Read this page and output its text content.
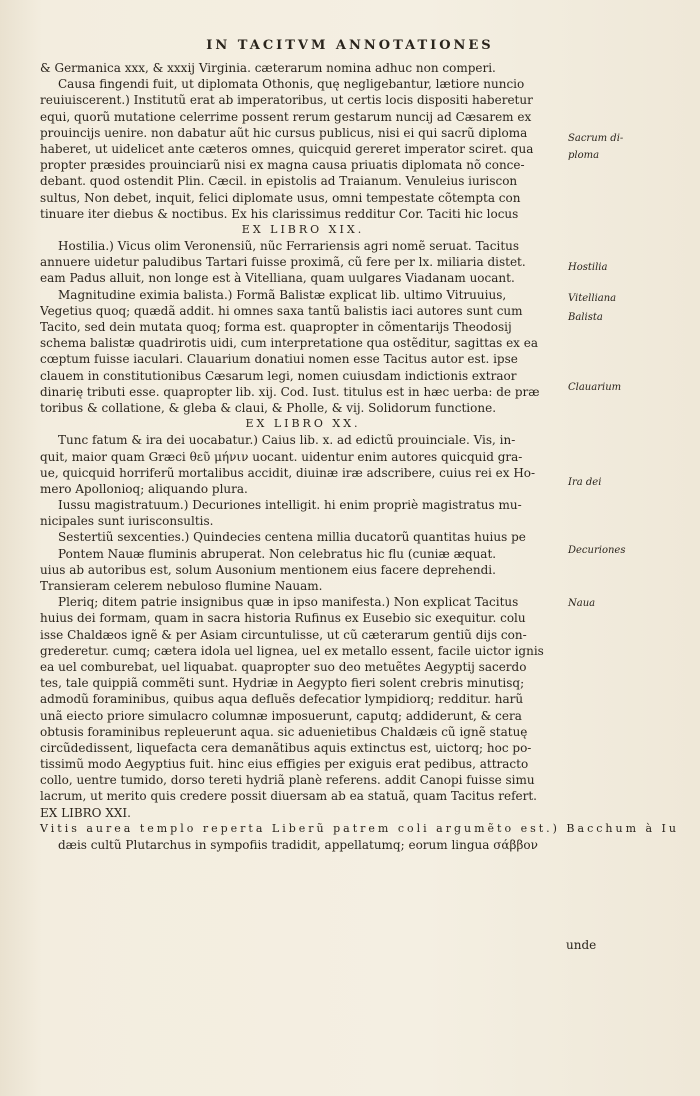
IN TACITVM ANNOTATIONES
& Germanica xxx, & xxxij Virginia. cæterarum nomina adhuc non comperi.
Causa fingendi fuit, ut diplomata Othonis, quę negligebantur, lætiore nuncio
reuiuiscerent.) Institutũ erat ab imperatoribus, ut certis locis dispositi haberetur
equi, quorũ mutatione celerrime possent rerum gestarum nuncij ad Cæsarem ex
prouincijs uenire. non dabatur aũt hic cursus publicus, nisi ei qui sacrũ diploma
haberet, ut uidelicet ante cæteros omnes, quicquid gereret imperator sciret. qua
propter præsides prouinciarũ nisi ex magna causa priuatis diplomata nõ conce-
debant. quod ostendit Plin. Cæcil. in epistolis ad Traianum. Venuleius iuriscon
sultus, Non debet, inquit, felici diplomate usus, omni tempestate cõtempta con
tinuare iter diebus & noctibus. Ex his clarissimus redditur Cor. Taciti hic locus
EX LIBRO XIX.
Hostilia.) Vicus olim Veronensiũ, nũc Ferrariensis agri nomẽ seruat. Tacitus
annuere uidetur paludibus Tartari fuisse proximã, cũ fere per lx. miliaria distet.
eam Padus alluit, non longe est à Vitelliana, quam uulgares Viadanam uocant.
Magnitudine eximia balista.) Formã Balistæ explicat lib. ultimo Vitruuius,
Vegetius quoq; quædã addit. hi omnes saxa tantũ balistis iaci autores sunt cum
Tacito, sed dein mutata quoq; forma est. quapropter in cõmentarijs Theodosij
schema balistæ quadrirotis uidi, cum interpretatione qua ostẽditur, sagittas ex ea
cœptum fuisse iaculari. Clauarium donatiui nomen esse Tacitus autor est. ipse
clauem in constitutionibus Cæsarum legi, nomen cuiusdam indictionis extraor
dinarię tributi esse. quapropter lib. xij. Cod. Iust. titulus est in hæc uerba: de præ
toribus & collatione, & gleba & claui, & Pholle, & vij. Solidorum functione.
EX LIBRO XX.
Tunc fatum & ira dei uocabatur.) Caius lib. x. ad edictũ prouinciale. Vis, in-
quit, maior quam Græci θεῦ μήνιν uocant. uidentur enim autores quicquid gra-
ue, quicquid horriferũ mortalibus accidit, diuinæ iræ adscribere, cuius rei ex Ho-
mero Apollonioq; aliquando plura.
Iussu magistratuum.) Decuriones intelligit. hi enim propriè magistratus mu-
nicipales sunt iurisconsultis.
Sestertiũ sexcenties.) Quindecies centena millia ducatorũ quantitas huius pe
Pontem Nauæ fluminis abruperat. Non celebratus hic flu (cuniæ æquat.
uius ab autoribus est, solum Ausonium mentionem eius facere deprehendi.
Transieram celerem nebuloso flumine Nauam.
Pleriq; ditem patrie insignibus quæ in ipso manifesta.) Non explicat Tacitus
huius dei formam, quam in sacra historia Rufinus ex Eusebio sic exequitur. colu
isse Chaldæos ignẽ & per Asiam circuntulisse, ut cũ cæterarum gentiũ dijs con-
grederetur. cumq; cætera idola uel lignea, uel ex metallo essent, facile uictor ignis
ea uel comburebat, uel liquabat. quapropter suo deo metuẽtes Aegyptij sacerdo
tes, tale quippiã commẽti sunt. Hydriæ in Aegypto fieri solent crebris minutisq;
admodũ foraminibus, quibus aqua defluẽs defecatior lympidiorq; redditur. harũ
unã eiecto priore simulacro columnæ imposuerunt, caputq; addiderunt, & cera
obtusis foraminibus repleuerunt aqua. sic aduenietibus Chaldæis cũ ignẽ statuę
circũdedissent, liquefacta cera demanãtibus aquis extinctus est, uictorq; hoc po-
tissimũ modo Aegyptius fuit. hinc eius effigies per exiguis erat pedibus, attracto
collo, uentre tumido, dorso tereti hydriã planè referens. addit Canopi fuisse simu
lacrum, ut merito quis credere possit diuersam ab ea statuã, quam Tacitus refert.
EX LIBRO XXI.
Vitis aurea templo reperta Liberũ patrem coli argumẽto est.) Bacchum à Iu
dæis cultũ Plutarchus in sympofiis tradidit, appellatumq; eorum lingua σάββον
Sacrum di-
ploma
Hostilia
Vitelliana
Balista
Clauarium
Ira dei
Decuriones
Naua
unde
